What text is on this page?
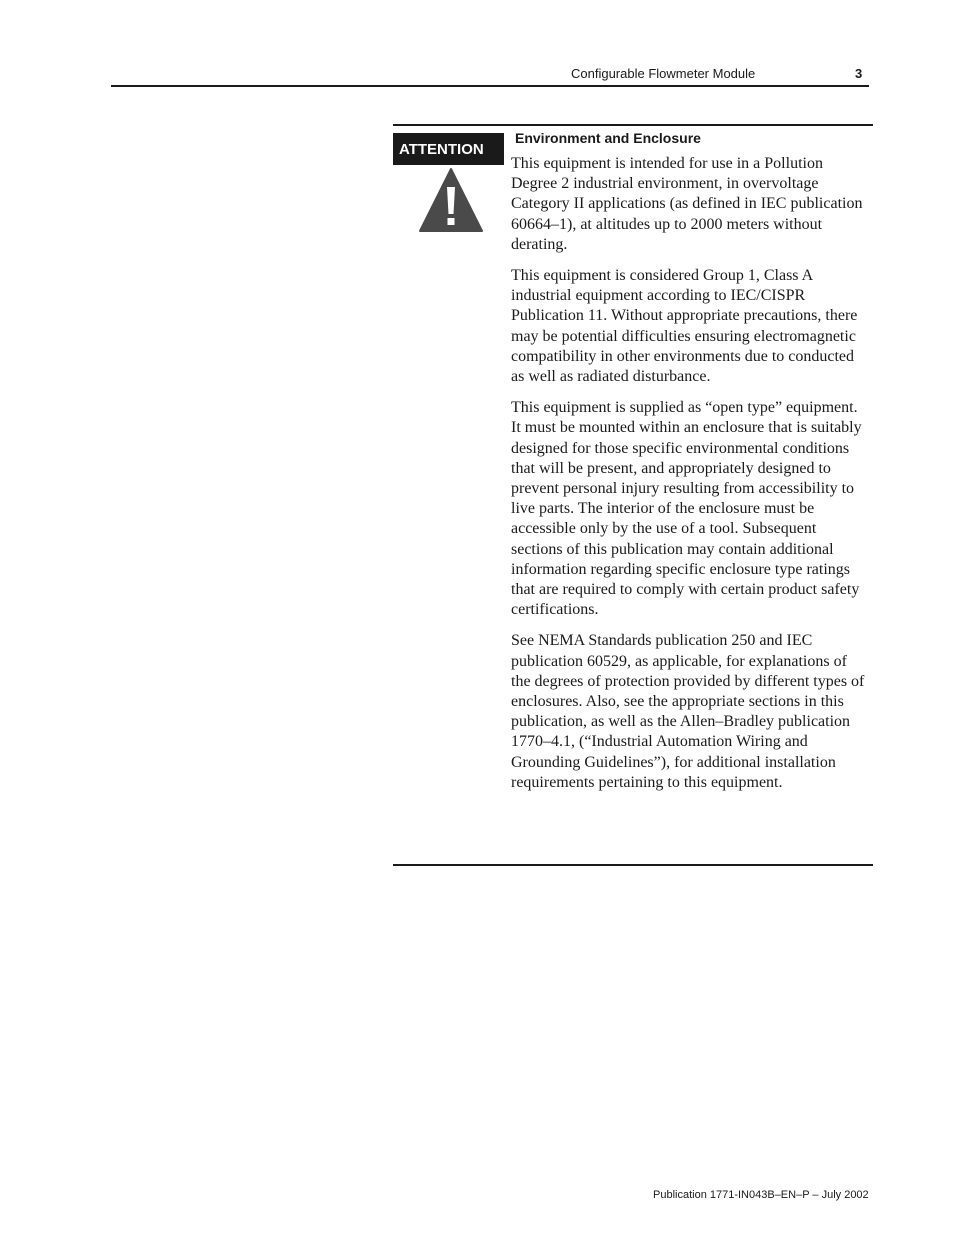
Configurable Flowmeter Module	3
ATTENTION
Environment and Enclosure

This equipment is intended for use in a Pollution Degree 2 industrial environment, in overvoltage Category II applications (as defined in IEC publication 60664–1), at altitudes up to 2000 meters without derating.

This equipment is considered Group 1, Class A industrial equipment according to IEC/CISPR Publication 11. Without appropriate precautions, there may be potential difficulties ensuring electromagnetic compatibility in other environments due to conducted as well as radiated disturbance.

This equipment is supplied as “open type” equipment. It must be mounted within an enclosure that is suitably designed for those specific environmental conditions that will be present, and appropriately designed to prevent personal injury resulting from accessibility to live parts. The interior of the enclosure must be accessible only by the use of a tool. Subsequent sections of this publication may contain additional information regarding specific enclosure type ratings that are required to comply with certain product safety certifications.

See NEMA Standards publication 250 and IEC publication 60529, as applicable, for explanations of the degrees of protection provided by different types of enclosures. Also, see the appropriate sections in this publication, as well as the Allen–Bradley publication 1770–4.1, (“Industrial Automation Wiring and Grounding Guidelines”), for additional installation requirements pertaining to this equipment.

Publication 1771-IN043B–EN–P – July 2002
